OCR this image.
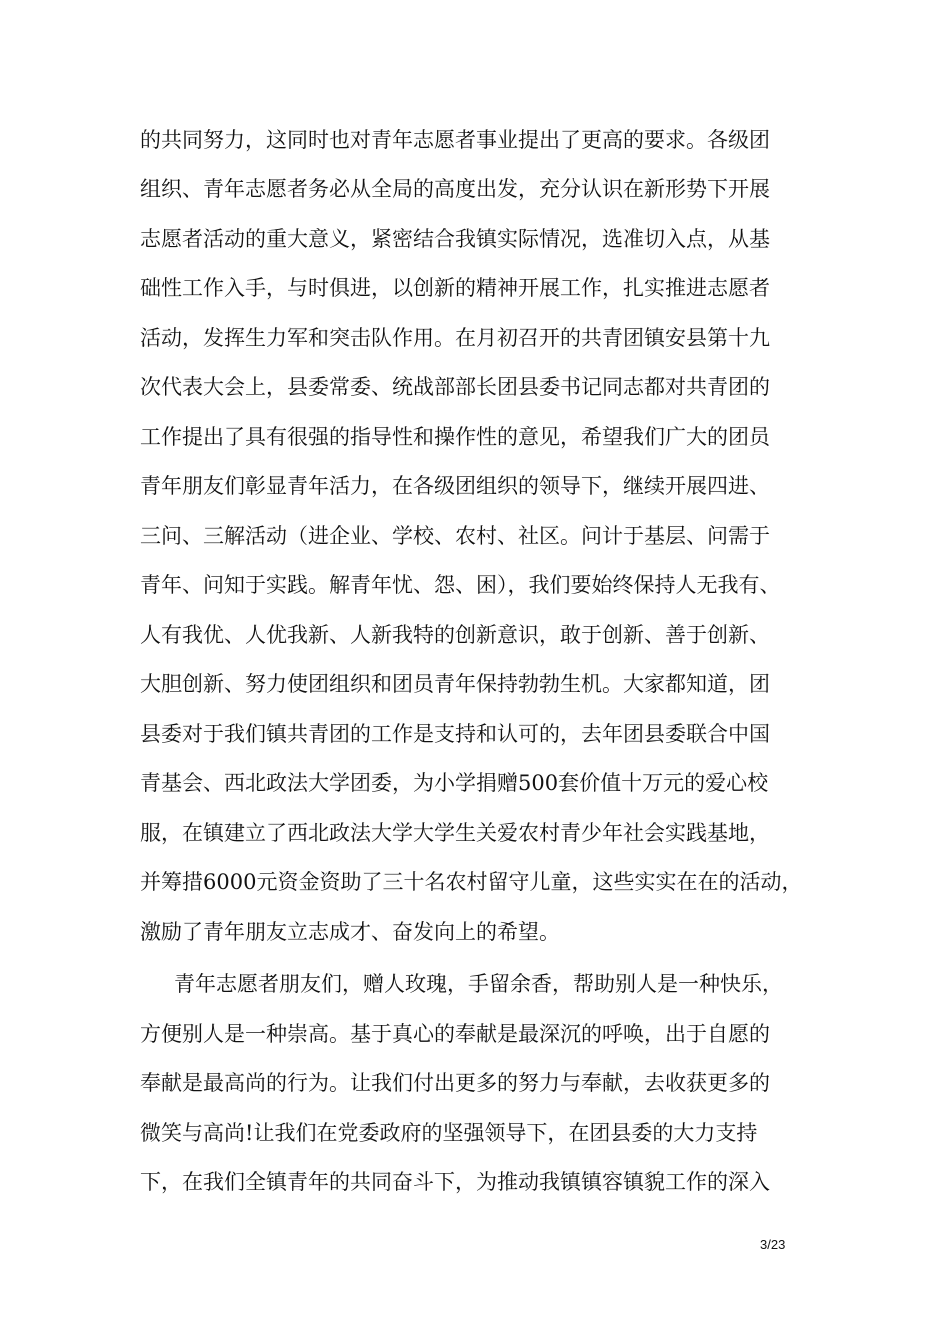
的共同努力，这同时也对青年志愿者事业提出了更高的要求。各级团
组织、青年志愿者务必从全局的高度出发，充分认识在新形势下开展
志愿者活动的重大意义，紧密结合我镇实际情况，选准切入点，从基
础性工作入手，与时俱进，以创新的精神开展工作，扎实推进志愿者
活动，发挥生力军和突击队作用。在月初召开的共青团镇安县第十九
次代表大会上，县委常委、统战部部长团县委书记同志都对共青团的
工作提出了具有很强的指导性和操作性的意见，希望我们广大的团员
青年朋友们彰显青年活力，在各级团组织的领导下，继续开展四进、
三问、三解活动（进企业、学校、农村、社区。问计于基层、问需于
青年、问知于实践。解青年忧、怨、困），我们要始终保持人无我有、
人有我优、人优我新、人新我特的创新意识，敢于创新、善于创新、
大胆创新、努力使团组织和团员青年保持勃勃生机。大家都知道，团
县委对于我们镇共青团的工作是支持和认可的，去年团县委联合中国
青基会、西北政法大学团委，为小学捐赠500套价值十万元的爱心校
服，在镇建立了西北政法大学大学生关爱农村青少年社会实践基地，
并筹措6000元资金资助了三十名农村留守儿童，这些实实在在的活动，
激励了青年朋友立志成才、奋发向上的希望。
青年志愿者朋友们，赠人玫瑰，手留余香，帮助别人是一种快乐，
方便别人是一种崇高。基于真心的奉献是最深沉的呼唤，出于自愿的
奉献是最高尚的行为。让我们付出更多的努力与奉献，去收获更多的
微笑与高尚!让我们在党委政府的坚强领导下，在团县委的大力支持
下，在我们全镇青年的共同奋斗下，为推动我镇镇容镇貌工作的深入
3/23
